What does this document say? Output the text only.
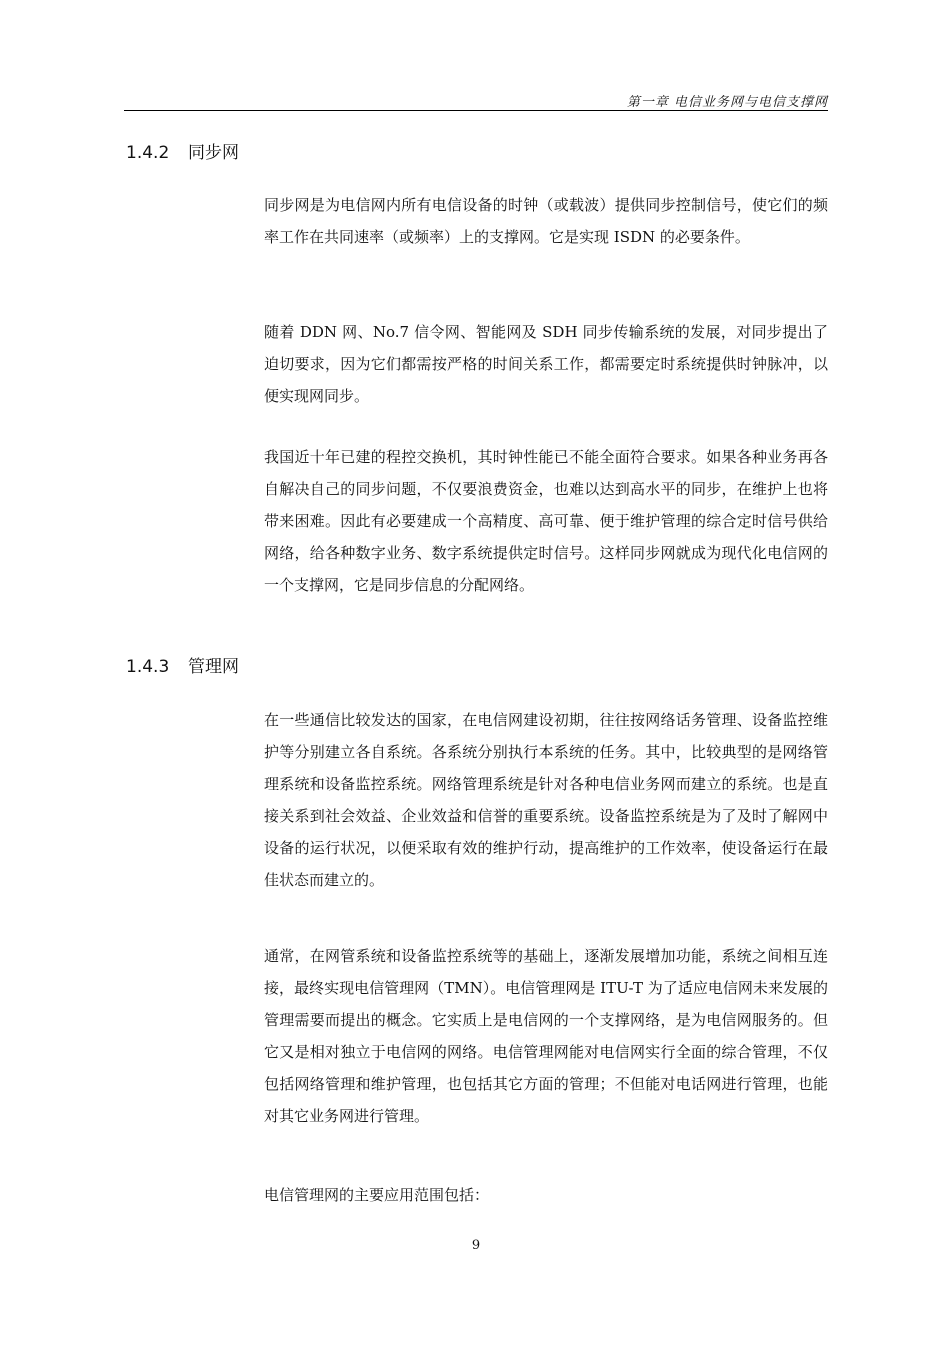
第一章 电信业务网与电信支撑网
1.4.2 同步网

同步网是为电信网内所有电信设备的时钟（或载波）提供同步控制信号，使它们的频率工作在共同速率（或频率）上的支撑网。它是实现 ISDN 的必要条件。

随着 DDN 网、No.7 信令网、智能网及 SDH 同步传输系统的发展，对同步提出了迫切要求，因为它们都需按严格的时间关系工作，都需要定时系统提供时钟脉冲，以便实现网同步。

我国近十年已建的程控交换机，其时钟性能已不能全面符合要求。如果各种业务再各自解决自己的同步问题，不仅要浪费资金，也难以达到高水平的同步，在维护上也将带来困难。因此有必要建成一个高精度、高可靠、便于维护管理的综合定时信号供给网络，给各种数字业务、数字系统提供定时信号。这样同步网就成为现代化电信网的一个支撑网，它是同步信息的分配网络。

1.4.3 管理网

在一些通信比较发达的国家，在电信网建设初期，往往按网络话务管理、设备监控维护等分别建立各自系统。各系统分别执行本系统的任务。其中，比较典型的是网络管理系统和设备监控系统。网络管理系统是针对各种电信业务网而建立的系统。也是直接关系到社会效益、企业效益和信誉的重要系统。设备监控系统是为了及时了解网中设备的运行状况，以便采取有效的维护行动，提高维护的工作效率，使设备运行在最佳状态而建立的。

通常，在网管系统和设备监控系统等的基础上，逐渐发展增加功能，系统之间相互连接，最终实现电信管理网（TMN）。电信管理网是 ITU-T 为了适应电信网未来发展的管理需要而提出的概念。它实质上是电信网的一个支撑网络，是为电信网服务的。但它又是相对独立于电信网的网络。电信管理网能对电信网实行全面的综合管理，不仅包括网络管理和维护管理，也包括其它方面的管理；不但能对电话网进行管理，也能对其它业务网进行管理。

电信管理网的主要应用范围包括：

9
